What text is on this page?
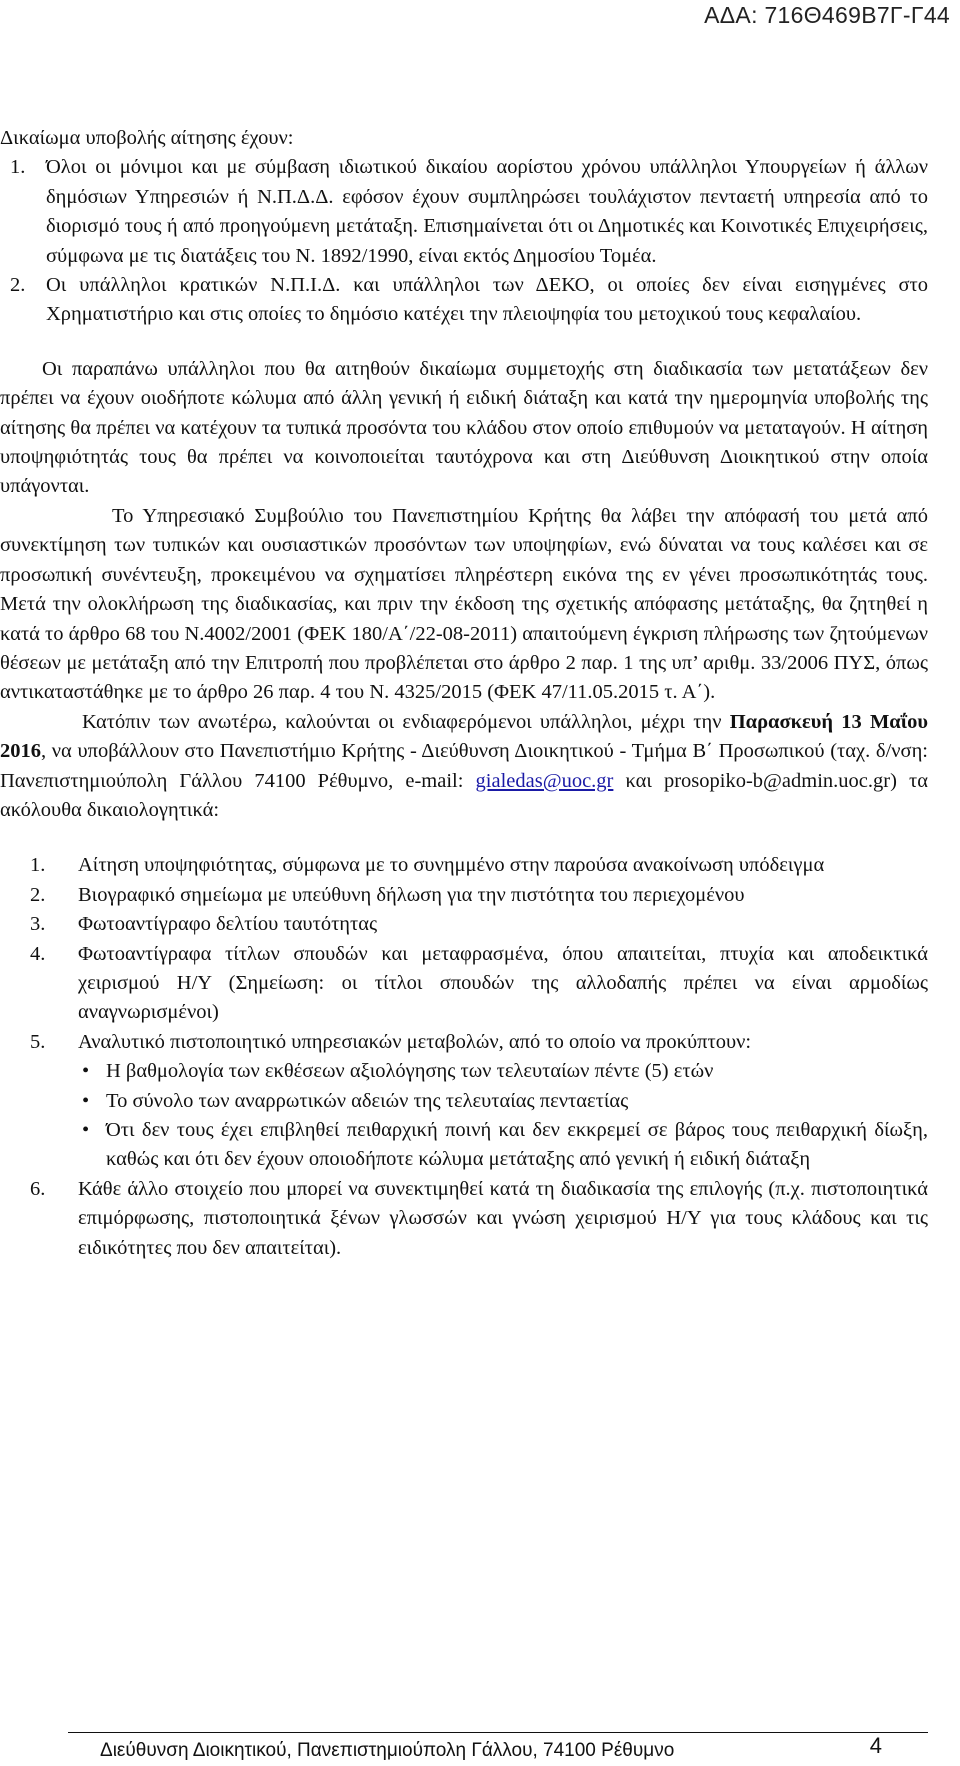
ΑΔΑ: 716Θ469Β7Γ-Γ44

Δικαίωμα υποβολής αίτησης έχουν:

1. Όλοι οι μόνιμοι και με σύμβαση ιδιωτικού δικαίου αορίστου χρόνου υπάλληλοι Υπουργείων ή άλλων δημόσιων Υπηρεσιών ή Ν.Π.Δ.Δ. εφόσον έχουν συμπληρώσει τουλάχιστον πενταετή υπηρεσία από το διορισμό τους ή από προηγούμενη μετάταξη. Επισημαίνεται ότι οι Δημοτικές και Κοινοτικές Επιχειρήσεις, σύμφωνα με τις διατάξεις του Ν. 1892/1990, είναι εκτός Δημοσίου Τομέα.
2. Οι υπάλληλοι κρατικών Ν.Π.Ι.Δ. και υπάλληλοι των ΔΕΚΟ, οι οποίες δεν είναι εισηγμένες στο Χρηματιστήριο και στις οποίες το δημόσιο κατέχει την πλειοψηφία του μετοχικού τους κεφαλαίου.

Οι παραπάνω υπάλληλοι που θα αιτηθούν δικαίωμα συμμετοχής στη διαδικασία των μετατάξεων δεν πρέπει να έχουν οιοδήποτε κώλυμα από άλλη γενική ή ειδική διάταξη και κατά την ημερομηνία υποβολής της αίτησης θα πρέπει να κατέχουν τα τυπικά προσόντα του κλάδου στον οποίο επιθυμούν να μεταταγούν. Η αίτηση υποψηφιότητάς τους θα πρέπει να κοινοποιείται ταυτόχρονα και στη Διεύθυνση Διοικητικού στην οποία υπάγονται.

Το Υπηρεσιακό Συμβούλιο του Πανεπιστημίου Κρήτης θα λάβει την απόφασή του μετά από συνεκτίμηση των τυπικών και ουσιαστικών προσόντων των υποψηφίων, ενώ δύναται να τους καλέσει και σε προσωπική συνέντευξη, προκειμένου να σχηματίσει πληρέστερη εικόνα της εν γένει προσωπικότητάς τους. Μετά την ολοκλήρωση της διαδικασίας, και πριν την έκδοση της σχετικής απόφασης μετάταξης, θα ζητηθεί η κατά το άρθρο 68 του Ν.4002/2001 (ΦΕΚ 180/Α΄/22-08-2011) απαιτούμενη έγκριση πλήρωσης των ζητούμενων θέσεων με μετάταξη από την Επιτροπή που προβλέπεται στο άρθρο 2 παρ. 1 της υπ’ αριθμ. 33/2006 ΠΥΣ, όπως αντικαταστάθηκε με το άρθρο 26 παρ. 4 του Ν. 4325/2015 (ΦΕΚ 47/11.05.2015 τ. Α΄).

Κατόπιν των ανωτέρω, καλούνται οι ενδιαφερόμενοι υπάλληλοι, μέχρι την Παρασκευή 13 Μαΐου 2016, να υποβάλλουν στο Πανεπιστήμιο Κρήτης - Διεύθυνση Διοικητικού - Τμήμα Β΄ Προσωπικού (ταχ. δ/νση: Πανεπιστημιούπολη Γάλλου 74100 Ρέθυμνο, e-mail: gialedas@uoc.gr και prosopiko-b@admin.uoc.gr) τα ακόλουθα δικαιολογητικά:

1. Αίτηση υποψηφιότητας, σύμφωνα με το συνημμένο στην παρούσα ανακοίνωση υπόδειγμα
2. Βιογραφικό σημείωμα με υπεύθυνη δήλωση για την πιστότητα του περιεχομένου
3. Φωτοαντίγραφο δελτίου ταυτότητας
4. Φωτοαντίγραφα τίτλων σπουδών και μεταφρασμένα, όπου απαιτείται, πτυχία και αποδεικτικά χειρισμού Η/Υ (Σημείωση: οι τίτλοι σπουδών της αλλοδαπής πρέπει να είναι αρμοδίως αναγνωρισμένοι)
5. Αναλυτικό πιστοποιητικό υπηρεσιακών μεταβολών, από το οποίο να προκύπτουν:
• Η βαθμολογία των εκθέσεων αξιολόγησης των τελευταίων πέντε (5) ετών
• Το σύνολο των αναρρωτικών αδειών της τελευταίας πενταετίας
• Ότι δεν τους έχει επιβληθεί πειθαρχική ποινή και δεν εκκρεμεί σε βάρος τους πειθαρχική δίωξη, καθώς και ότι δεν έχουν οποιοδήποτε κώλυμα μετάταξης από γενική ή ειδική διάταξη
6. Κάθε άλλο στοιχείο που μπορεί να συνεκτιμηθεί κατά τη διαδικασία της επιλογής (π.χ. πιστοποιητικά επιμόρφωσης, πιστοποιητικά ξένων γλωσσών και γνώση χειρισμού Η/Υ για τους κλάδους και τις ειδικότητες που δεν απαιτείται).
Διεύθυνση Διοικητικού, Πανεπιστημιούπολη Γάλλου, 74100 Ρέθυμνο	4
